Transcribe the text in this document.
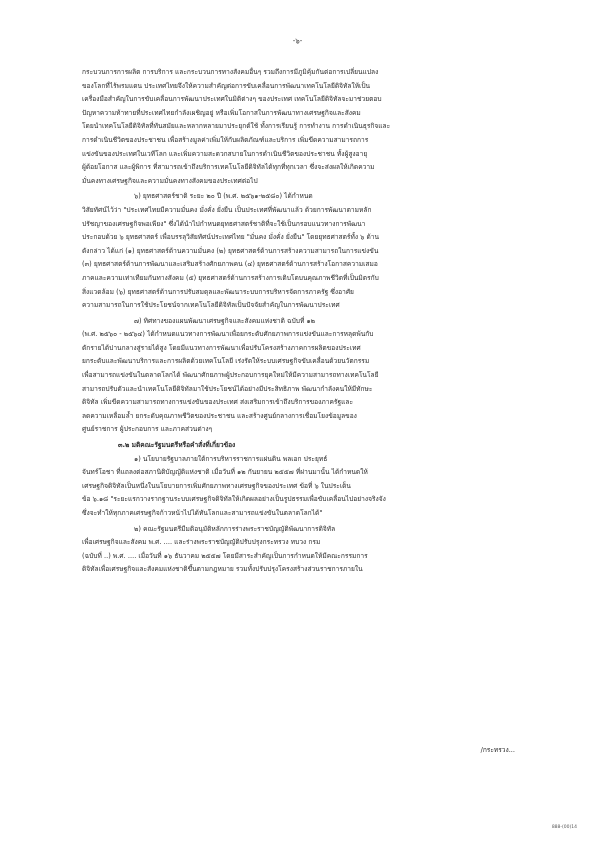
-๖-
กระบวนการการผลิต การบริการ และกระบวนการทางสังคมอื่นๆ รวมถึงการมีภูมิคุ้มกันต่อการเปลี่ยนแปลง
ของโลกที่ไร้พรมแดน ประเทศไทยจึงให้ความสำคัญต่อการขับเคลื่อนการพัฒนาเทคโนโลยีดิจิทัลให้เป็น
เครื่องมือสำคัญในการขับเคลื่อนการพัฒนาประเทศในมิติต่างๆ ของประเทศ เทคโนโลยีดิจิทัลจะมาช่วยตอบ
ปัญหาความท้าทายที่ประเทศไทยกำลังเผชิญอยู่ หรือเพิ่มโอกาสในการพัฒนาทางเศรษฐกิจและสังคม
โดยนำเทคโนโลยีดิจิทัลที่ทันสมัยและหลากหลายมาประยุกต์ใช้ ทั้งการเรียนรู้ การทำงาน การดำเนินธุรกิจและ
การดำเนินชีวิตของประชาชน เพื่อสร้างมูลค่าเพิ่มให้กับผลิตภัณฑ์และบริการ เพิ่มขีดความสามารถการ
แข่งขันของประเทศในเวทีโลก และเพิ่มความสะดวกสบายในการดำเนินชีวิตของประชาชน ทั้งผู้สูงอายุ
ผู้ด้อยโอกาส และผู้พิการ ที่สามารถเข้าถึงบริการเทคโนโลยีดิจิทัลได้ทุกที่ทุกเวลา ซึ่งจะส่งผลให้เกิดความ
มั่นคงทางเศรษฐกิจและความมั่นคงทางสังคมของประเทศต่อไป
๖) ยุทธศาสตร์ชาติ ระยะ ๒๐ ปี (พ.ศ. ๒๕๖๑-๒๕๘๐) ได้กำหนด
วิสัยทัศน์ไว้ว่า "ประเทศไทยมีความมั่นคง มั่งคั่ง ยั่งยืน เป็นประเทศที่พัฒนาแล้ว ด้วยการพัฒนาตามหลัก
ปรัชญาของเศรษฐกิจพอเพียง" ซึ่งได้นำไปกำหนดยุทธศาสตร์ชาติที่จะใช้เป็นกรอบแนวทางการพัฒนา
ประกอบด้วย ๖ ยุทธศาสตร์ เพื่อบรรลุวิสัยทัศน์ประเทศไทย "มั่นคง มั่งคั่ง ยั่งยืน" โดยยุทธศาสตร์ทั้ง ๖ ด้าน
ดังกล่าว ได้แก่ (๑) ยุทธศาสตร์ด้านความมั่นคง (๒) ยุทธศาสตร์ด้านการสร้างความสามารถในการแข่งขัน
(๓) ยุทธศาสตร์ด้านการพัฒนาและเสริมสร้างศักยภาพคน (๔) ยุทธศาสตร์ด้านการสร้างโอกาสความเสมอ
ภาคและความเท่าเทียมกันทางสังคม (๕) ยุทธศาสตร์ด้านการสร้างการเติบโตบนคุณภาพชีวิตที่เป็นมิตรกับ
สิ่งแวดล้อม (๖) ยุทธศาสตร์ด้านการปรับสมดุลและพัฒนาระบบการบริหารจัดการภาครัฐ ซึ่งอาศัย
ความสามารถในการใช้ประโยชน์จากเทคโนโลยีดิจิทัลเป็นปัจจัยสำคัญในการพัฒนาประเทศ
๗) ทิศทางของแผนพัฒนาเศรษฐกิจและสังคมแห่งชาติ ฉบับที่ ๑๒
(พ.ศ. ๒๕๖๐ - ๒๕๖๔) ได้กำหนดแนวทางการพัฒนาเพื่อยกระดับศักยภาพการแข่งขันและการหลุดพ้นกับ
ดักรายได้ปานกลางสู่รายได้สูง โดยมีแนวทางการพัฒนาเพื่อปรับโครงสร้างภาคการผลิตของประเทศ
ยกระดับและพัฒนาบริการและการผลิตด้วยเทคโนโลยี เร่งรัดให้ระบบเศรษฐกิจขับเคลื่อนด้วยนวัตกรรม
เพื่อสามารถแข่งขันในตลาดโลกได้ พัฒนาศักยภาพผู้ประกอบการยุคใหม่ให้มีความสามารถทางเทคโนโลยี
สามารถปรับตัวและนำเทคโนโลยีดิจิทัลมาใช้ประโยชน์ได้อย่างมีประสิทธิภาพ พัฒนากำลังคนให้มีทักษะ
ดิจิทัล เพิ่มขีดความสามารถทางการแข่งขันของประเทศ ส่งเสริมการเข้าถึงบริการของภาครัฐและ
ลดความเหลื่อมล้ำ ยกระดับคุณภาพชีวิตของประชาชน และสร้างศูนย์กลางการเชื่อมโยงข้อมูลของ
ศูนย์ราชการ ผู้ประกอบการ และภาคส่วนต่างๆ
๓.๒ มติคณะรัฐมนตรีหรือคำสั่งที่เกี่ยวข้อง
๑) นโยบายรัฐบาลภายใต้การบริหารราชการแผ่นดิน พลเอก ประยุทธ์
จันทร์โอชา ที่แถลงต่อสภานิติบัญญัติแห่งชาติ เมื่อวันที่ ๑๒ กันยายน ๒๕๕๗ ที่ผ่านมานั้น ได้กำหนดให้
เศรษฐกิจดิจิทัลเป็นหนึ่งในนโยบายการเพิ่มศักยภาพทางเศรษฐกิจของประเทศ ข้อที่ ๖ ในประเด็น
ข้อ ๖.๑๘ "ระยะแรกวางรากฐานระบบเศรษฐกิจดิจิทัลให้เกิดผลอย่างเป็นรูปธรรมเพื่อขับเคลื่อนไปอย่างจริงจัง
ซึ่งจะทำให้ทุกภาคเศรษฐกิจก้าวหน้าไปได้ทันโลกและสามารถแข่งขันในตลาดโลกได้"
๒) คณะรัฐมนตรีมีมติอนุมัติหลักการร่างพระราชบัญญัติพัฒนาการดิจิทัล
เพื่อเศรษฐกิจและสังคม พ.ศ. .... และร่างพระราชบัญญัติปรับปรุงกระทรวง ทบวง กรม
(ฉบับที่ ..) พ.ศ. .... เมื่อวันที่ ๑๖ ธันวาคม ๒๕๕๗ โดยมีสาระสำคัญเป็นการกำหนดให้มีคณะกรรมการ
ดิจิทัลเพื่อเศรษฐกิจและสังคมแห่งชาติขึ้นตามกฎหมาย รวมทั้งปรับปรุงโครงสร้างส่วนราชการภายใน
/กระทรวง...
888-(00)14
